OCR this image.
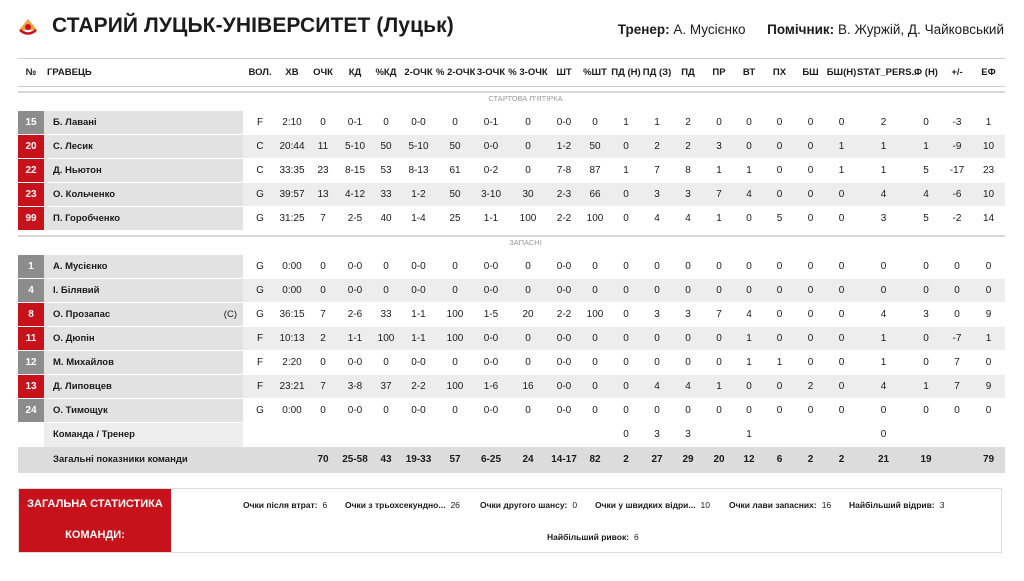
СТАРИЙ ЛУЦЬК-УНІВЕРСИТЕТ (Луцьк)	Тренер: А. Мусієнко Помічник: В. Журжій, Д. Чайковський
№	ГРАВЕЦЬ	ВОЛ.	ХВ	ОЧК	КД	%КД	2-ОЧК	% 2-ОЧК	3-ОЧК	% 3-ОЧК	ШТ	%ШТ	ПД (Н)	ПД (З)	ПД	ПР	ВТ	ПХ	БШ	БШ(Н)	STAT_PERS...	Ф (Н)	+/-	ЕФ

СТАРТОВА П'ЯТІРКА																								
15	Б. Лавані	F	2:10	0	0-1	0	0-0	0	0-1	0	0-0	0	1	1	2	0	0	0	0	0	2	0	-3	1
20	С. Лесик	C	20:44	11	5-10	50	5-10	50	0-0	0	1-2	50	0	2	2	3	0	0	0	1	1	1	-9	10
22	Д. Ньютон	C	33:35	23	8-15	53	8-13	61	0-2	0	7-8	87	1	7	8	1	1	0	0	1	1	5	-17	23
23	О. Кольченко	G	39:57	13	4-12	33	1-2	50	3-10	30	2-3	66	0	3	3	7	4	0	0	0	4	4	-6	10
99	П. Горобченко	G	31:25	7	2-5	40	1-4	25	1-1	100	2-2	100	0	4	4	1	0	5	0	0	3	5	-2	14

ЗАПАСНІ																								
1	А. Мусієнко	G	0:00	0	0-0	0	0-0	0	0-0	0	0-0	0	0	0	0	0	0	0	0	0	0	0	0	0
4	І. Білявий	G	0:00	0	0-0	0	0-0	0	0-0	0	0-0	0	0	0	0	0	0	0	0	0	0	0	0	0
8	О. Прозапас (C)	G	36:15	7	2-6	33	1-1	100	1-5	20	2-2	100	0	3	3	7	4	0	0	0	4	3	0	9
11	О. Дюпін	F	10:13	2	1-1	100	1-1	100	0-0	0	0-0	0	0	0	0	0	1	0	0	0	1	0	-7	1
12	М. Михайлов	F	2:20	0	0-0	0	0-0	0	0-0	0	0-0	0	0	0	0	0	1	1	0	0	1	0	7	0
13	Д. Липовцев	F	23:21	7	3-8	37	2-2	100	1-6	16	0-0	0	0	4	4	1	0	0	2	0	4	1	7	9
24	О. Тимощук	G	0:00	0	0-0	0	0-0	0	0-0	0	0-0	0	0	0	0	0	0	0	0	0	0	0	0	0
	Команда / Тренер												0	3	3		1				0			
	Загальні показники команди			70	25-58	43	19-33	57	6-25	24	14-17	82	2	27	29	20	12	6	2	2	21	19		79
ЗАГАЛЬНА СТАТИСТИКА
КОМАНДИ:
Очки після втрат: 6 Очки з трьохсекундно... 26 Очки другого шансу: 0 Очки у швидких відри... 10 Очки лави запасних: 16 Найбільший відрив: 3
Найбільший ривок: 6
